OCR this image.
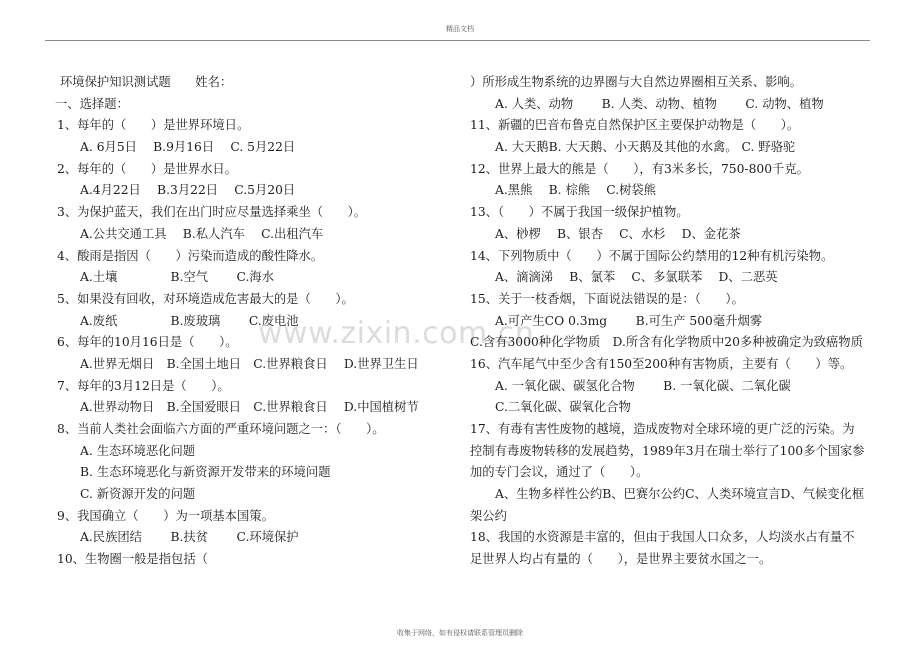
精品文档
www.zixin.com.cn
环境保护知识测试题　　姓名：
一、选择题：
1、每年的（　　）是世界环境日。
A. 6月5日　 B.9月16日　 C. 5月22日
2、每年的（　　）是世界水日。
A.4月22日　 B.3月22日　 C.5月20日
3、为保护蓝天，我们在出门时应尽量选择乘坐（　　）。
A.公共交通工具　 B.私人汽车　 C.出租汽车
4、酸雨是指因（　　）污染而造成的酸性降水。
A.土壤　　　　 B.空气　　 C.海水
5、如果没有回收，对环境造成危害最大的是（　　）。
A.废纸　　　　 B.废玻璃　　 C.废电池
6、每年的10月16日是（　　）。
A.世界无烟日　B.全国土地日　C.世界粮食日　 D.世界卫生日
7、每年的3月12日是（　　）。
A.世界动物日　B.全国爱眼日　C.世界粮食日　 D.中国植树节
8、当前人类社会面临六方面的严重环境问题之一：（　　）。
A. 生态环境恶化问题
B. 生态环境恶化与新资源开发带来的环境问题
C. 新资源开发的问题
9、我国确立（　　）为一项基本国策。
A.民族团结　　 B.扶贫　　 C.环境保护
10、生物圈一般是指包括（
）所形成生物系统的边界圈与大自然边界圈相互关系、影响。
A. 人类、动物　　 B. 人类、动物、植物　　 C. 动物、植物
11、新疆的巴音布鲁克自然保护区主要保护动物是（　　）。
A. 大天鹅B. 大天鹅、小天鹅及其他的水禽。 C. 野骆驼
12、世界上最大的熊是（　　），有3米多长，750-800千克。
A.黑熊　 B. 棕熊　 C.树袋熊
13、（　　）不属于我国一级保护植物。
A、桫椤　 B、银杏　 C、水杉　 D、金花茶
14、下列物质中（　　）不属于国际公约禁用的12种有机污染物。
A、滴滴涕　 B、氯苯　 C、多氯联苯　 D、二恶英
15、关于一枝香烟，下面说法错误的是：（　　）。
A.可产生CO 0.3mg　　 B.可生产 500毫升烟雾
C.含有3000种化学物质　D.所含有化学物质中20多种被确定为致癌物质
16、汽车尾气中至少含有150至200种有害物质，主要有（　　）等。
A. 一氧化碳、碳氢化合物　　 B. 一氧化碳、二氧化碳
C.二氧化碳、碳氧化合物
17、有毒有害性废物的越境，造成废物对全球环境的更广泛的污染。为
控制有毒废物转移的发展趋势，1989年3月在瑞士举行了100多个国家参
加的专门会议，通过了（　　）。
A、生物多样性公约B、巴赛尔公约C、人类环境宣言D、气候变化框
架公约
18、我国的水资源是丰富的，但由于我国人口众多，人均淡水占有量不
足世界人均占有量的（　　），是世界主要贫水国之一。
收集于网络，如有侵权请联系管理员删除
